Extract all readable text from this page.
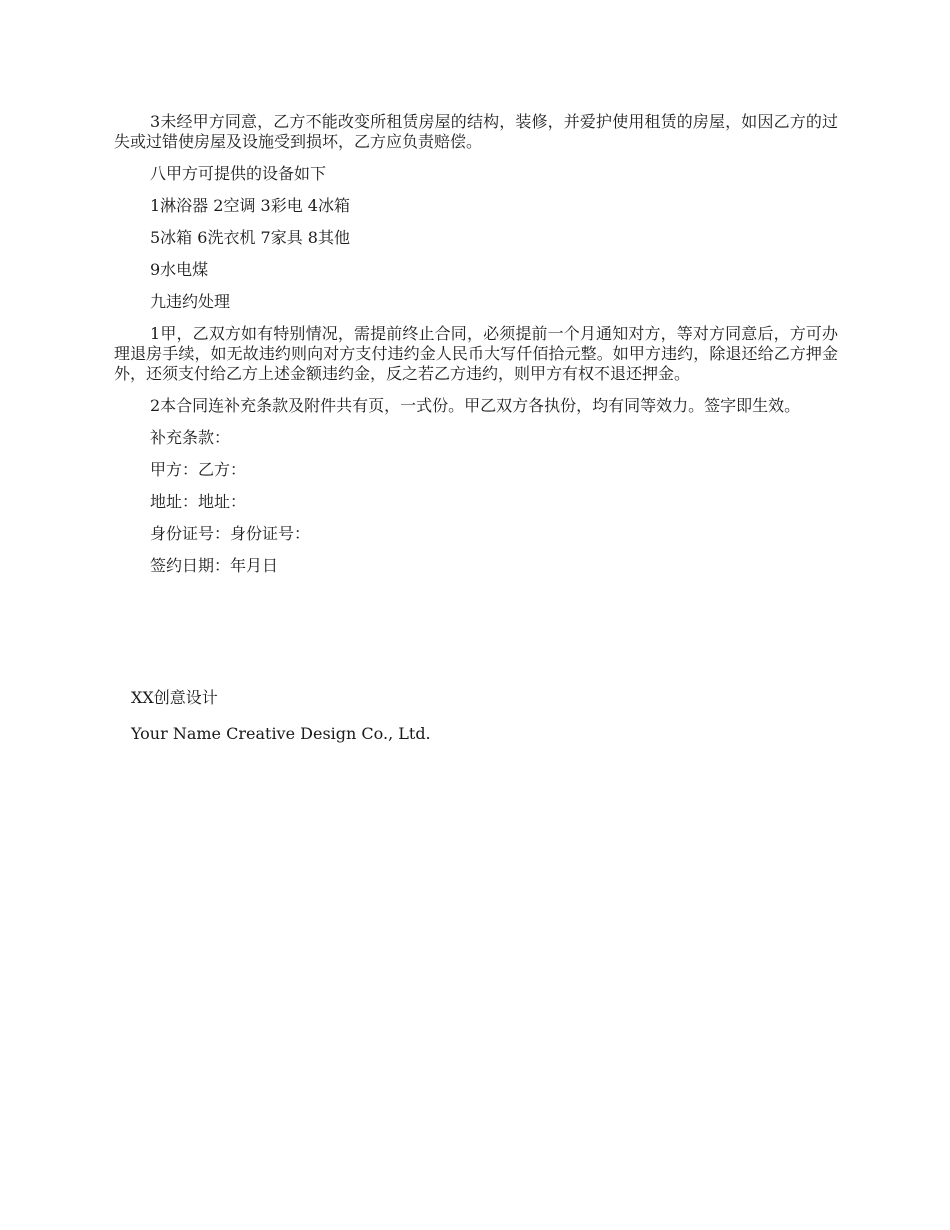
3未经甲方同意，乙方不能改变所租赁房屋的结构，装修，并爱护使用租赁的房屋，如因乙方的过失或过错使房屋及设施受到损坏，乙方应负责赔偿。

八甲方可提供的设备如下

1淋浴器 2空调 3彩电 4冰箱

5冰箱 6洗衣机 7家具 8其他

9水电煤

九违约处理

1甲，乙双方如有特别情况，需提前终止合同，必须提前一个月通知对方，等对方同意后，方可办理退房手续，如无故违约则向对方支付违约金人民币大写仟佰拾元整。如甲方违约，除退还给乙方押金外，还须支付给乙方上述金额违约金，反之若乙方违约，则甲方有权不退还押金。

2本合同连补充条款及附件共有页，一式份。甲乙双方各执份，均有同等效力。签字即生效。

补充条款：

甲方：乙方：

地址：地址：

身份证号：身份证号：

签约日期：年月日

XX创意设计

Your Name Creative Design Co., Ltd.
